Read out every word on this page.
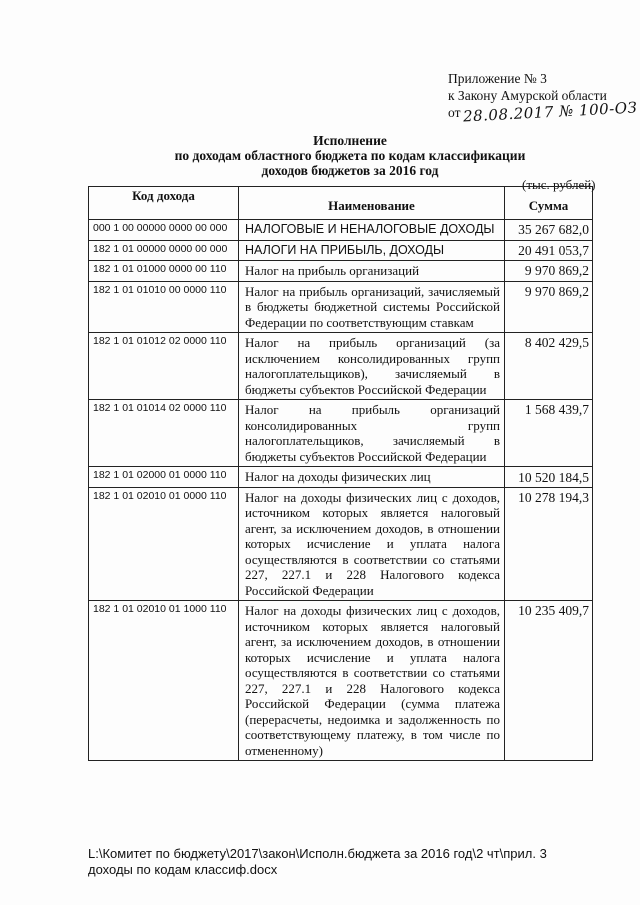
Приложение № 3
к Закону Амурской области
от 28.08.2017 № 100-ОЗ
Исполнение
по доходам областного бюджета по кодам классификации
доходов бюджетов за 2016 год
(тыс. рублей)
Код дохода	Наименование	Сумма
000 1 00 00000 0000 00 000	НАЛОГОВЫЕ И НЕНАЛОГОВЫЕ ДОХОДЫ	35 267 682,0
182 1 01 00000 0000 00 000	НАЛОГИ НА ПРИБЫЛЬ, ДОХОДЫ	20 491 053,7
182 1 01 01000 0000 00 110	Налог на прибыль организаций	9 970 869,2
182 1 01 01010 00 0000 110	Налог на прибыль организаций, зачисляемый в бюджеты бюджетной системы Российской Федерации по соответствующим ставкам	9 970 869,2
182 1 01 01012 02 0000 110	Налог на прибыль организаций (за исключением консолидированных групп налогоплательщиков), зачисляемый в бюджеты субъектов Российской Федерации	8 402 429,5
182 1 01 01014 02 0000 110	Налог на прибыль организаций консолидированных групп налогоплательщиков, зачисляемый в бюджеты субъектов Российской Федерации	1 568 439,7
182 1 01 02000 01 0000 110	Налог на доходы физических лиц	10 520 184,5
182 1 01 02010 01 0000 110	Налог на доходы физических лиц с доходов, источником которых является налоговый агент, за исключением доходов, в отношении которых исчисление и уплата налога осуществляются в соответствии со статьями 227, 227.1 и 228 Налогового кодекса Российской Федерации	10 278 194,3
182 1 01 02010 01 1000 110	Налог на доходы физических лиц с доходов, источником которых является налоговый агент, за исключением доходов, в отношении которых исчисление и уплата налога осуществляются в соответствии со статьями 227, 227.1 и 228 Налогового кодекса Российской Федерации (сумма платежа (перерасчеты, недоимка и задолженность по соответствующему платежу, в том числе по отмененному)	10 235 409,7
L:\Комитет по бюджету\2017\закон\Исполн.бюджета за 2016 год\2 чт\прил. 3
доходы по кодам классиф.docx
